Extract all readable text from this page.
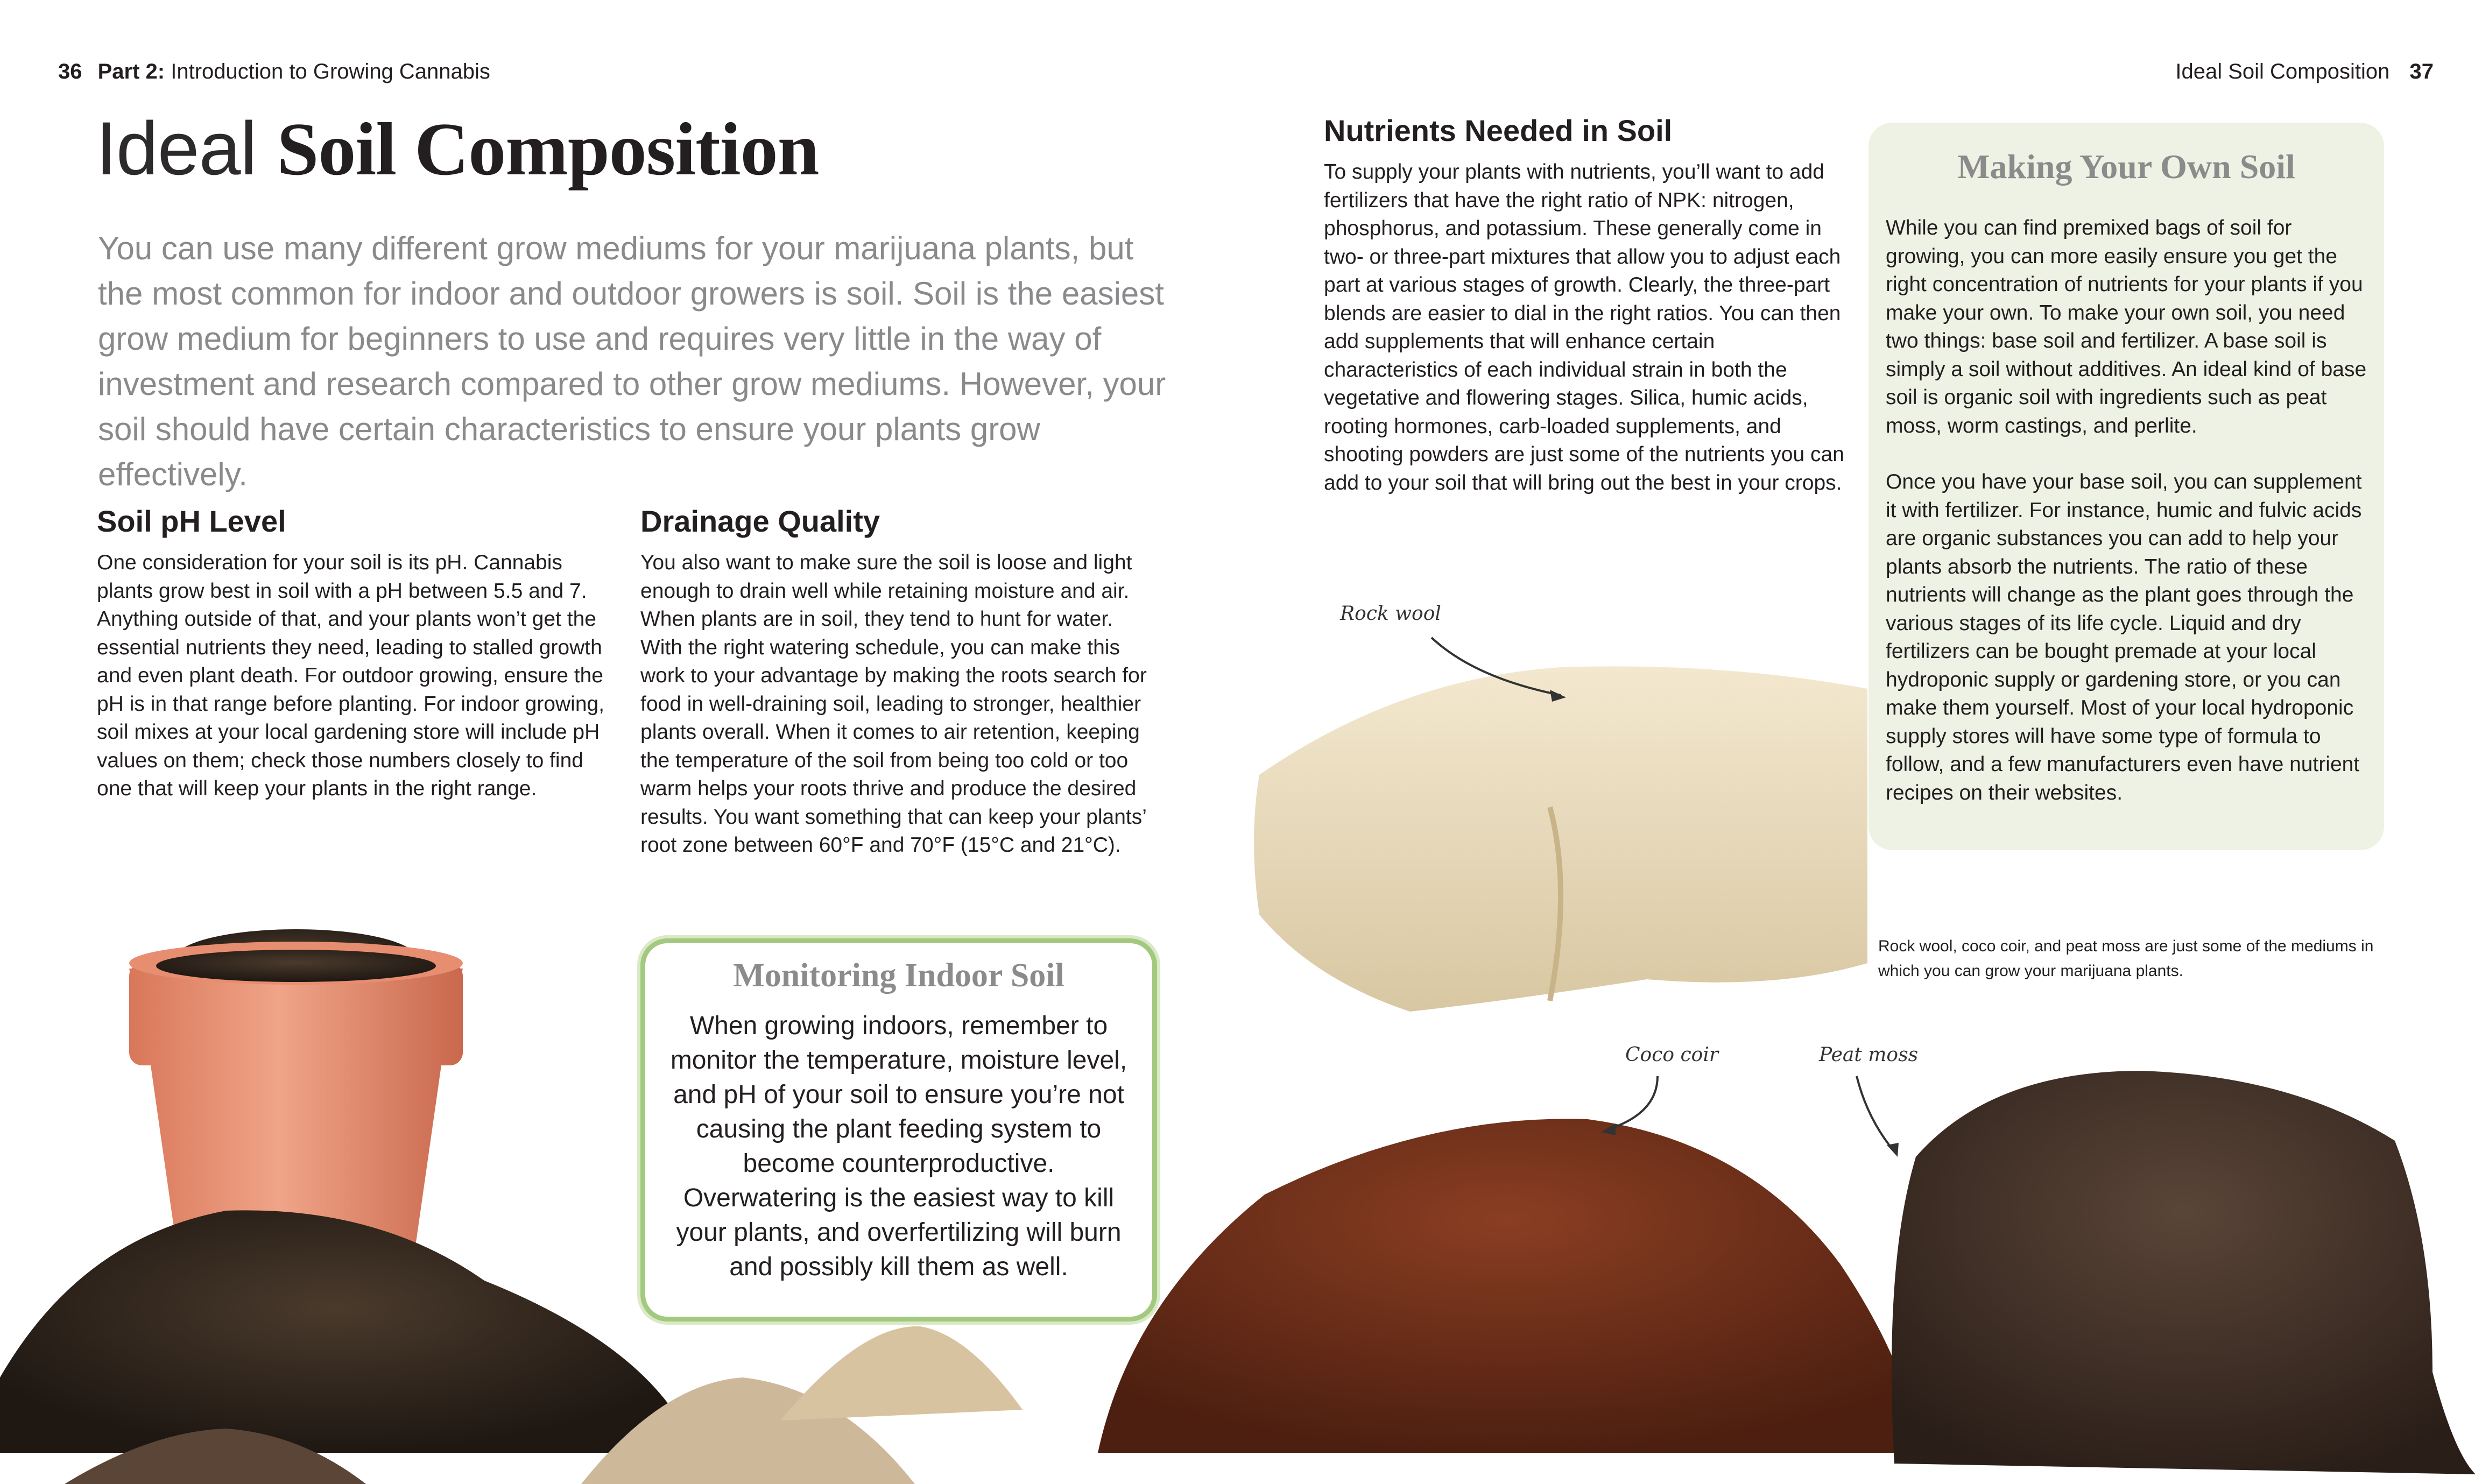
36 Part 2: Introduction to Growing Cannabis	Ideal Soil Composition 37
Ideal Soil Composition
You can use many different grow mediums for your marijuana plants, but the most common for indoor and outdoor growers is soil. Soil is the easiest grow medium for beginners to use and requires very little in the way of investment and research compared to other grow mediums. However, your soil should have certain characteristics to ensure your plants grow effectively.
Soil pH Level
One consideration for your soil is its pH. Cannabis plants grow best in soil with a pH between 5.5 and 7. Anything outside of that, and your plants won’t get the essential nutrients they need, leading to stalled growth and even plant death. For outdoor growing, ensure the pH is in that range before planting. For indoor growing, soil mixes at your local gardening store will include pH values on them; check those numbers closely to find one that will keep your plants in the right range.
Drainage Quality
You also want to make sure the soil is loose and light enough to drain well while retaining moisture and air. When plants are in soil, they tend to hunt for water. With the right watering schedule, you can make this work to your advantage by making the roots search for food in well-draining soil, leading to stronger, healthier plants overall. When it comes to air retention, keeping the temperature of the soil from being too cold or too warm helps your roots thrive and produce the desired results. You want something that can keep your plants’ root zone between 60°F and 70°F (15°C and 21°C).
Nutrients Needed in Soil
To supply your plants with nutrients, you’ll want to add fertilizers that have the right ratio of NPK: nitrogen, phosphorus, and potassium. These generally come in two- or three-part mixtures that allow you to adjust each part at various stages of growth. Clearly, the three-part blends are easier to dial in the right ratios. You can then add supplements that will enhance certain characteristics of each individual strain in both the vegetative and flowering stages. Silica, humic acids, rooting hormones, carb-loaded supplements, and shooting powders are just some of the nutrients you can add to your soil that will bring out the best in your crops.
Making Your Own Soil
While you can find premixed bags of soil for growing, you can more easily ensure you get the right concentration of nutrients for your plants if you make your own. To make your own soil, you need two things: base soil and fertilizer. A base soil is simply a soil without additives. An ideal kind of base soil is organic soil with ingredients such as peat moss, worm castings, and perlite.
Once you have your base soil, you can supplement it with fertilizer. For instance, humic and fulvic acids are organic substances you can add to help your plants absorb the nutrients. The ratio of these nutrients will change as the plant goes through the various stages of its life cycle. Liquid and dry fertilizers can be bought premade at your local hydroponic supply or gardening store, or you can make them yourself. Most of your local hydroponic supply stores will have some type of formula to follow, and a few manufacturers even have nutrient recipes on their websites.
Rock wool
Coco coir	Peat moss
Rock wool, coco coir, and peat moss are just some of the mediums in which you can grow your marijuana plants.
Monitoring Indoor Soil
When growing indoors, remember to monitor the temperature, moisture level, and pH of your soil to ensure you’re not causing the plant feeding system to become counterproductive. Overwatering is the easiest way to kill your plants, and overfertilizing will burn and possibly kill them as well.
